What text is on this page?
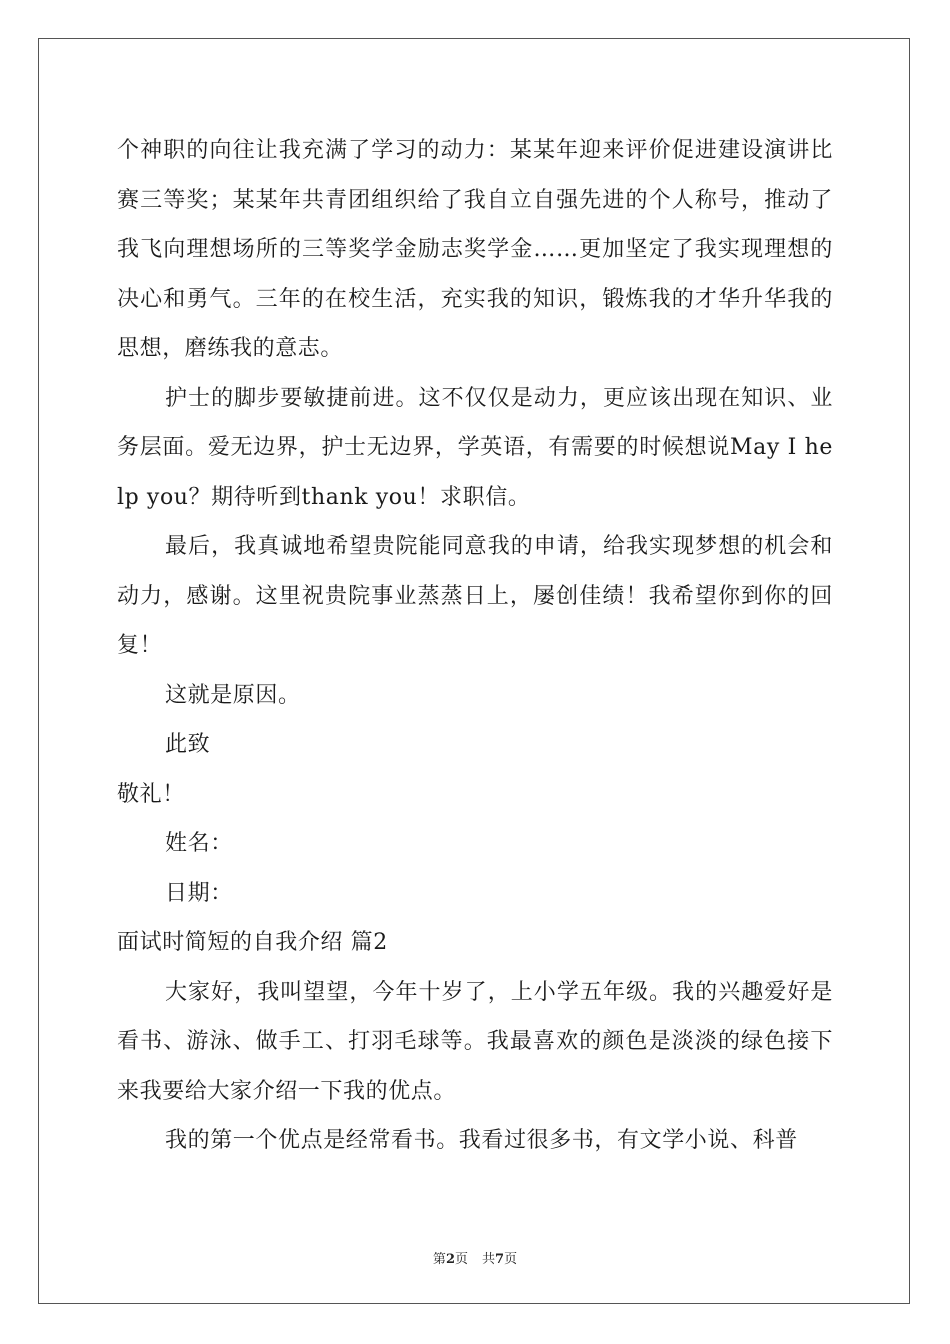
个神职的向往让我充满了学习的动力：某某年迎来评价促进建设演讲比赛三等奖；某某年共青团组织给了我自立自强先进的个人称号，推动了我飞向理想场所的三等奖学金励志奖学金……更加坚定了我实现理想的决心和勇气。三年的在校生活，充实我的知识，锻炼我的才华升华我的思想，磨练我的意志。

护士的脚步要敏捷前进。这不仅仅是动力，更应该出现在知识、业务层面。爱无边界，护士无边界，学英语，有需要的时候想说May I help you？期待听到thank you！求职信。

最后，我真诚地希望贵院能同意我的申请，给我实现梦想的机会和动力，感谢。这里祝贵院事业蒸蒸日上，屡创佳绩！我希望你到你的回复！

这就是原因。

此致

敬礼！

姓名：

日期：

面试时简短的自我介绍 篇2

大家好，我叫望望，今年十岁了，上小学五年级。我的兴趣爱好是看书、游泳、做手工、打羽毛球等。我最喜欢的颜色是淡淡的绿色接下来我要给大家介绍一下我的优点。

我的第一个优点是经常看书。我看过很多书，有文学小说、科普

第2页 共7页
